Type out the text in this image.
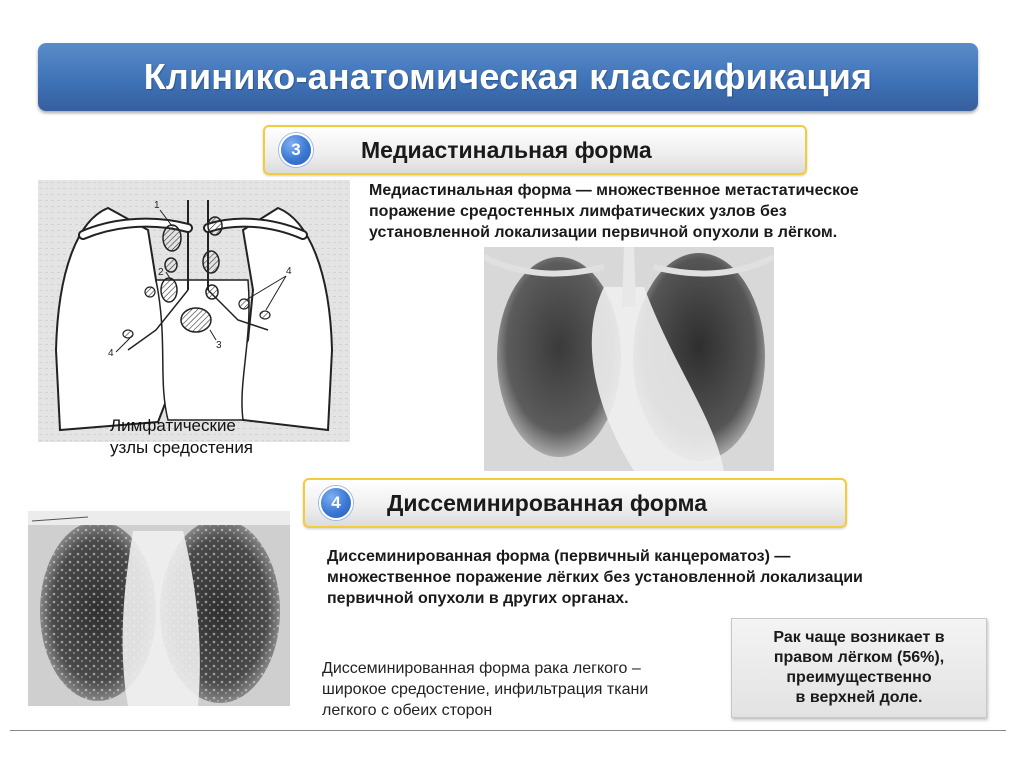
Клинико-анатомическая классификация
3	Медиастинальная форма
Медиастинальная форма — множественное метастатическое
поражение средостенных лимфатических узлов без
установленной локализации первичной опухоли в лёгком.
1
2
3
4
4
Лимфатические
узлы средостения
4	Диссеминированная форма
Диссеминированная форма (первичный канцероматоз) —
множественное поражение лёгких без установленной локализации
первичной опухоли в других органах.
Диссеминированная форма рака легкого –
широкое средостение, инфильтрация ткани
легкого с обеих сторон
Рак чаще возникает в
правом лёгком (56%),
преимущественно
в верхней доле.
